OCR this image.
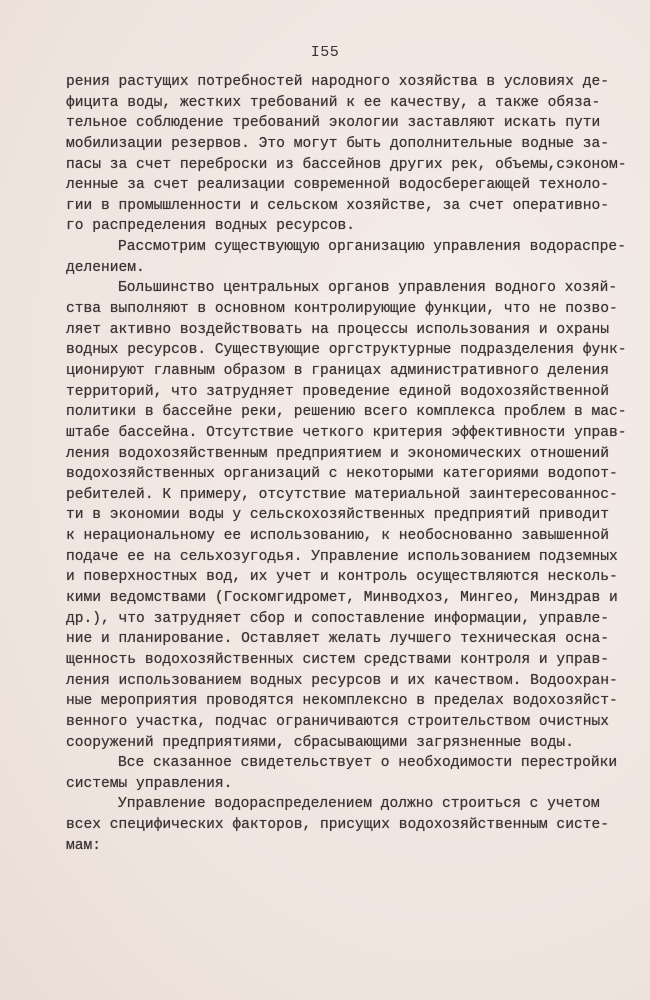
I55
рения растущих потребностей народного хозяйства в условиях де-
фицита воды, жестких требований к ее качеству, а также обяза-
тельное соблюдение требований экологии заставляют искать пути
мобилизации резервов. Это могут быть дополнительные водные за-
пасы за счет переброски из бассейнов других рек, объемы,сэконом-
ленные за счет реализации современной водосберегающей техноло-
гии в промышленности и сельском хозяйстве, за счет оперативно-
го распределения водных ресурсов.
Рассмотрим существующую организацию управления водораспре-
делением.
Большинство центральных органов управления водного хозяй-
ства выполняют в основном контролирующие функции, что не позво-
ляет активно воздействовать на процессы использования и охраны
водных ресурсов. Существующие оргструктурные подразделения функ-
ционируют главным образом в границах административного деления
территорий, что затрудняет проведение единой водохозяйственной
политики в бассейне реки, решению всего комплекса проблем в мас-
штабе бассейна. Отсутствие четкого критерия эффективности управ-
ления водохозяйственным предприятием и экономических отношений
водохозяйственных организаций с некоторыми категориями водопот-
ребителей. К примеру, отсутствие материальной заинтересованнос-
ти в экономии воды у сельскохозяйственных предприятий приводит
к нерациональному ее использованию, к необоснованно завышенной
подаче ее на сельхозугодья. Управление использованием подземных
и поверхностных вод, их учет и контроль осуществляются несколь-
кими ведомствами (Госкомгидромет, Минводхоз, Мингео, Минздрав и
др.), что затрудняет сбор и сопоставление информации, управле-
ние и планирование. Оставляет желать лучшего техническая осна-
щенность водохозяйственных систем средствами контроля и управ-
ления использованием водных ресурсов и их качеством. Водоохран-
ные мероприятия проводятся некомплексно в пределах водохозяйст-
венного участка, подчас ограничиваются строительством очистных
сооружений предприятиями, сбрасывающими загрязненные воды.
Все сказанное свидетельствует о необходимости перестройки
системы управления.
Управление водораспределением должно строиться с учетом
всех специфических факторов, присущих водохозяйственным систе-
мам:
